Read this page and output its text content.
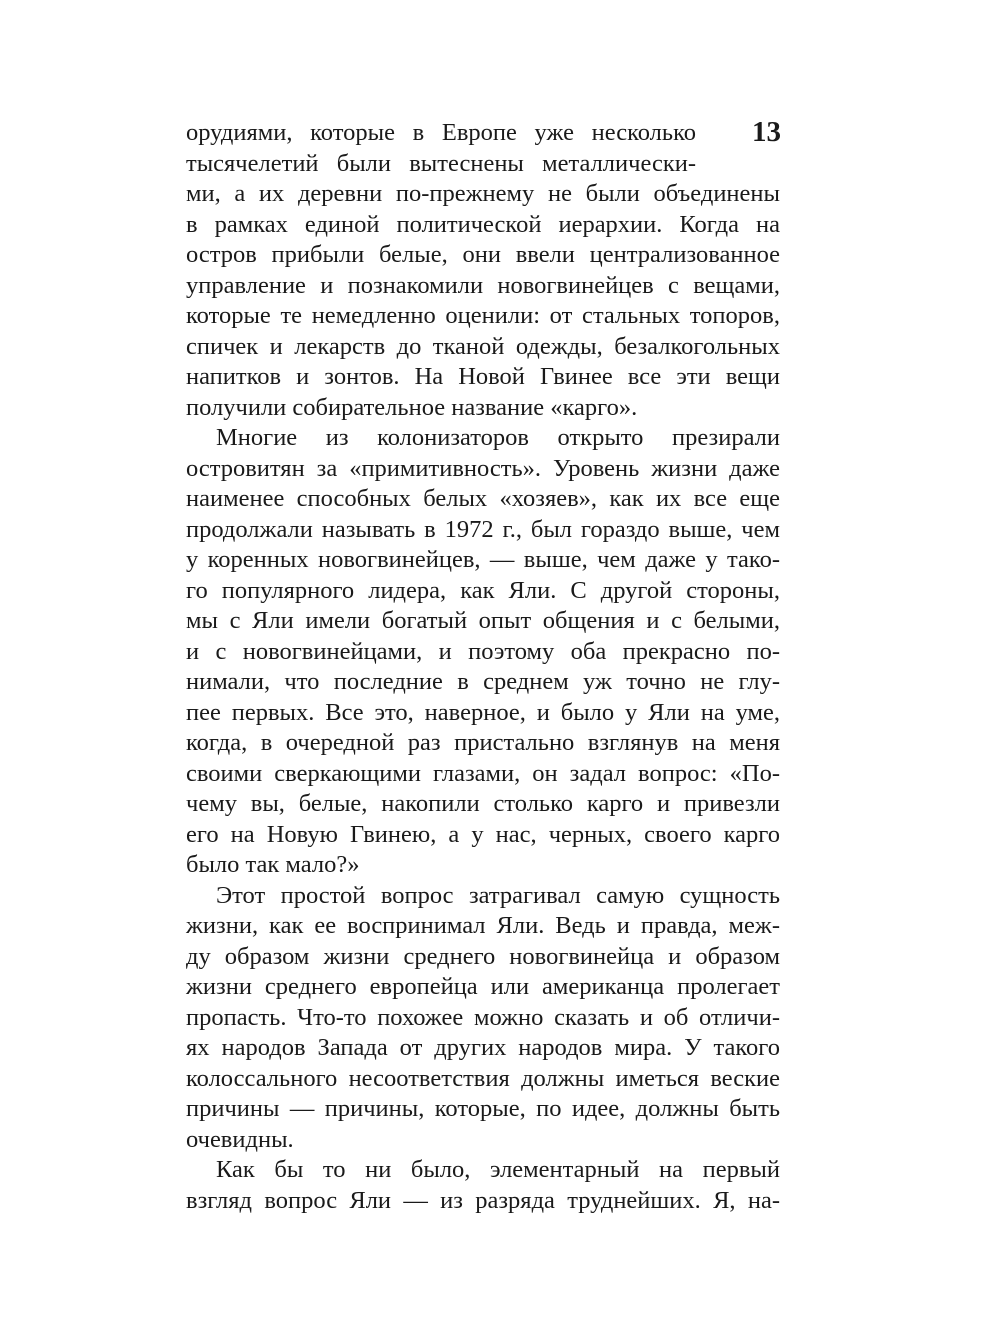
13
орудиями, которые в Европе уже несколько
тысячелетий были вытеснены металлически-
ми, а их деревни по-прежнему не были объединены
в рамках единой политической иерархии. Когда на
остров прибыли белые, они ввели централизованное
управление и познакомили новогвинейцев с вещами,
которые те немедленно оценили: от стальных топоров,
спичек и лекарств до тканой одежды, безалкогольных
напитков и зонтов. На Новой Гвинее все эти вещи
получили собирательное название «карго».
Многие из колонизаторов открыто презирали
островитян за «примитивность». Уровень жизни даже
наименее способных белых «хозяев», как их все еще
продолжали называть в 1972 г., был гораздо выше, чем
у коренных новогвинейцев, — выше, чем даже у тако-
го популярного лидера, как Яли. С другой стороны,
мы с Яли имели богатый опыт общения и с белыми,
и с новогвинейцами, и поэтому оба прекрасно по-
нимали, что последние в среднем уж точно не глу-
пее первых. Все это, наверное, и было у Яли на уме,
когда, в очередной раз пристально взглянув на меня
своими сверкающими глазами, он задал вопрос: «По-
чему вы, белые, накопили столько карго и привезли
его на Новую Гвинею, а у нас, черных, своего карго
было так мало?»
Этот простой вопрос затрагивал самую сущность
жизни, как ее воспринимал Яли. Ведь и правда, меж-
ду образом жизни среднего новогвинейца и образом
жизни среднего европейца или американца пролегает
пропасть. Что-то похожее можно сказать и об отличи-
ях народов Запада от других народов мира. У такого
колоссального несоответствия должны иметься веские
причины — причины, которые, по идее, должны быть
очевидны.
Как бы то ни было, элементарный на первый
взгляд вопрос Яли — из разряда труднейших. Я, на-
